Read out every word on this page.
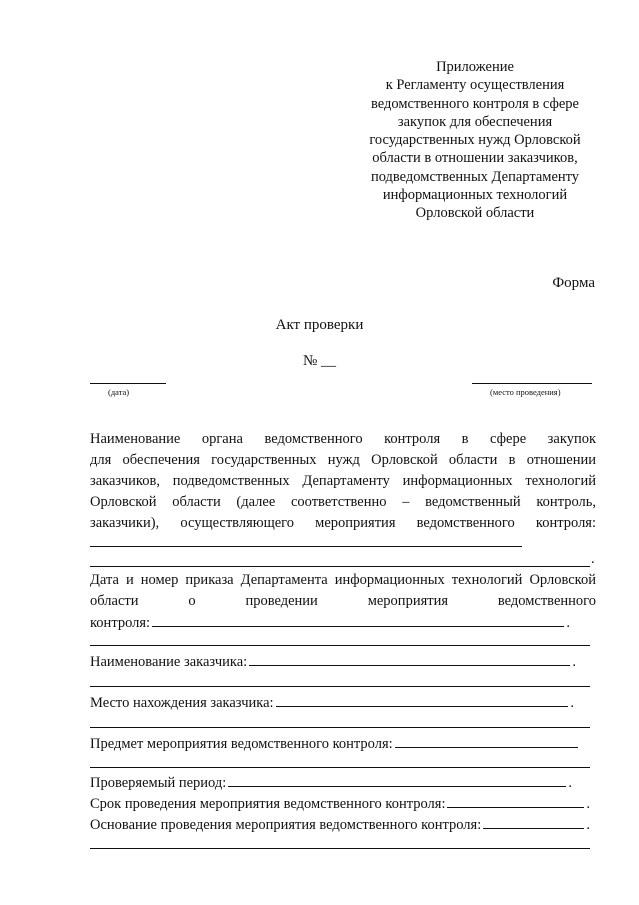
Приложение
к Регламенту осуществления
ведомственного контроля в сфере
закупок для обеспечения
государственных нужд Орловской
области в отношении заказчиков,
подведомственных Департаменту
информационных технологий
Орловской области
Форма
Акт проверки
№ __
(дата)	(место проведения)
Наименование органа ведомственного контроля в сфере закупок
для обеспечения государственных нужд Орловской области в отношении
заказчиков, подведомственных Департаменту информационных технологий
Орловской области (далее соответственно – ведомственный контроль,
заказчики), осуществляющего мероприятия ведомственного контроля:
.
Дата и номер приказа Департамента информационных технологий Орловской
области о проведении мероприятия ведомственного
контроля:	.
Наименование заказчика:	.
Место нахождения заказчика:	.
Предмет мероприятия ведомственного контроля:
Проверяемый период:	.
Срок проведения мероприятия ведомственного контроля:	.
Основание проведения мероприятия ведомственного контроля:	.
